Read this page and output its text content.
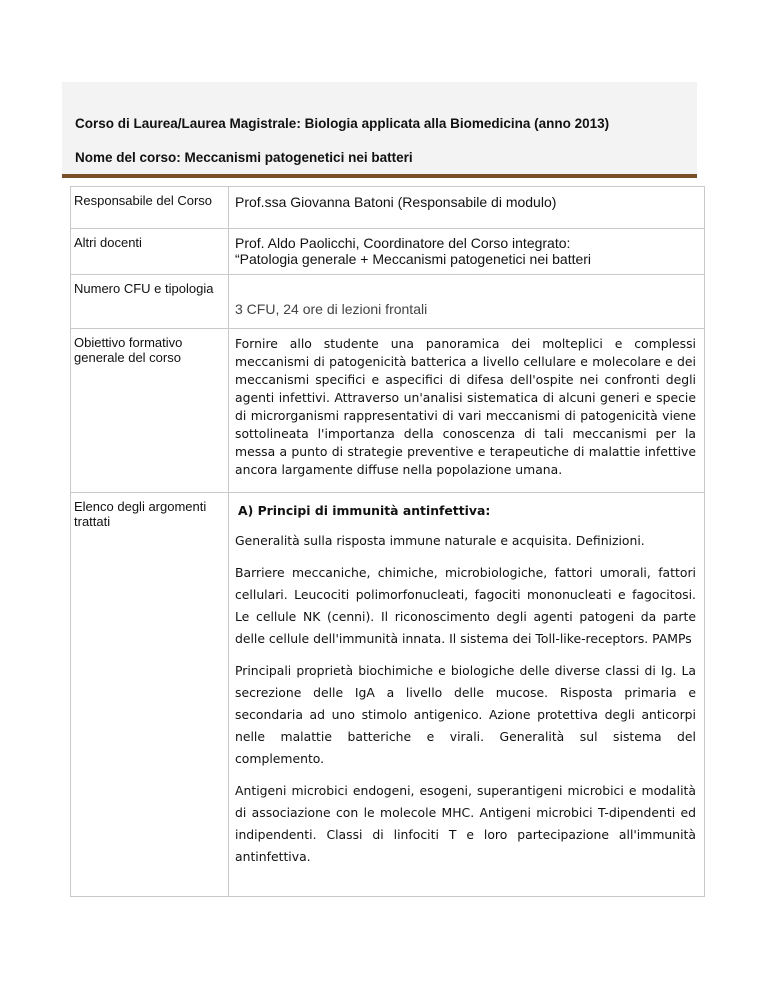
Corso di Laurea/Laurea Magistrale: Biologia applicata alla Biomedicina (anno 2013)
Nome del corso: Meccanismi patogenetici nei batteri
Responsabile del Corso	Prof.ssa Giovanna Batoni (Responsabile di modulo)

Altri docenti	Prof. Aldo Paolicchi, Coordinatore del Corso integrato:
“Patologia generale + Meccanismi patogenetici nei batteri

Numero CFU e tipologia	3 CFU, 24 ore di lezioni frontali

Obiettivo formativo generale del corso	Fornire allo studente una panoramica dei molteplici e complessi meccanismi di patogenicità batterica a livello cellulare e molecolare e dei meccanismi specifici e aspecifici di difesa dell'ospite nei confronti degli agenti infettivi. Attraverso un'analisi sistematica di alcuni generi e specie di microrganismi rappresentativi di vari meccanismi di patogenicità viene sottolineata l'importanza della conoscenza di tali meccanismi per la messa a punto di strategie preventive e terapeutiche di malattie infettive ancora largamente diffuse nella popolazione umana.

Elenco degli argomenti trattati	A) Principi di immunità antinfettiva:

Generalità sulla risposta immune naturale e acquisita. Definizioni.

Barriere meccaniche, chimiche, microbiologiche, fattori umorali, fattori cellulari. Leucociti polimorfonucleati, fagociti mononucleati e fagocitosi. Le cellule NK (cenni). Il riconoscimento degli agenti patogeni da parte delle cellule dell'immunità innata. Il sistema dei Toll-like-receptors. PAMPs

Principali proprietà biochimiche e biologiche delle diverse classi di Ig. La secrezione delle IgA a livello delle mucose. Risposta primaria e secondaria ad uno stimolo antigenico. Azione protettiva degli anticorpi nelle malattie batteriche e virali. Generalità sul sistema del complemento.

Antigeni microbici endogeni, esogeni, superantigeni microbici e modalità di associazione con le molecole MHC. Antigeni microbici T-dipendenti ed indipendenti. Classi di linfociti T e loro partecipazione all'immunità antinfettiva.
